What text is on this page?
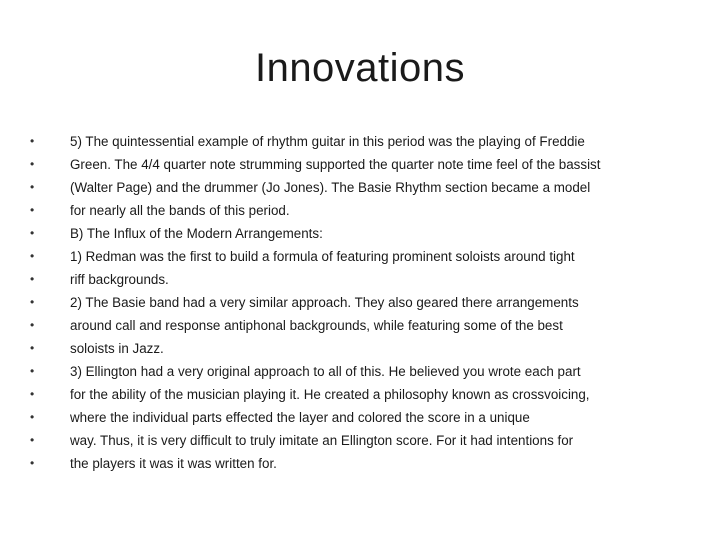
Innovations
•	5) The quintessential example of rhythm guitar in this period was the playing of Freddie
•	Green. The 4/4 quarter note strumming supported the quarter note time feel of the bassist
•	(Walter Page) and the drummer (Jo Jones). The Basie Rhythm section became a model
•	for nearly all the bands of this period.
•	B) The Influx of the Modern Arrangements:
•	1) Redman was the first to build a formula of featuring prominent soloists around tight
•	riff backgrounds.
•	2) The Basie band had a very similar approach. They also geared there arrangements
•	around call and response antiphonal backgrounds, while featuring some of the best
•	soloists in Jazz.
•	3) Ellington had a very original approach to all of this. He believed you wrote each part
•	for the ability of the musician playing it. He created a philosophy known as crossvoicing,
•	where the individual parts effected the layer and colored the score in a unique
•	way. Thus, it is very difficult to truly imitate an Ellington score. For it had intentions for
•	the players it was it was written for.
